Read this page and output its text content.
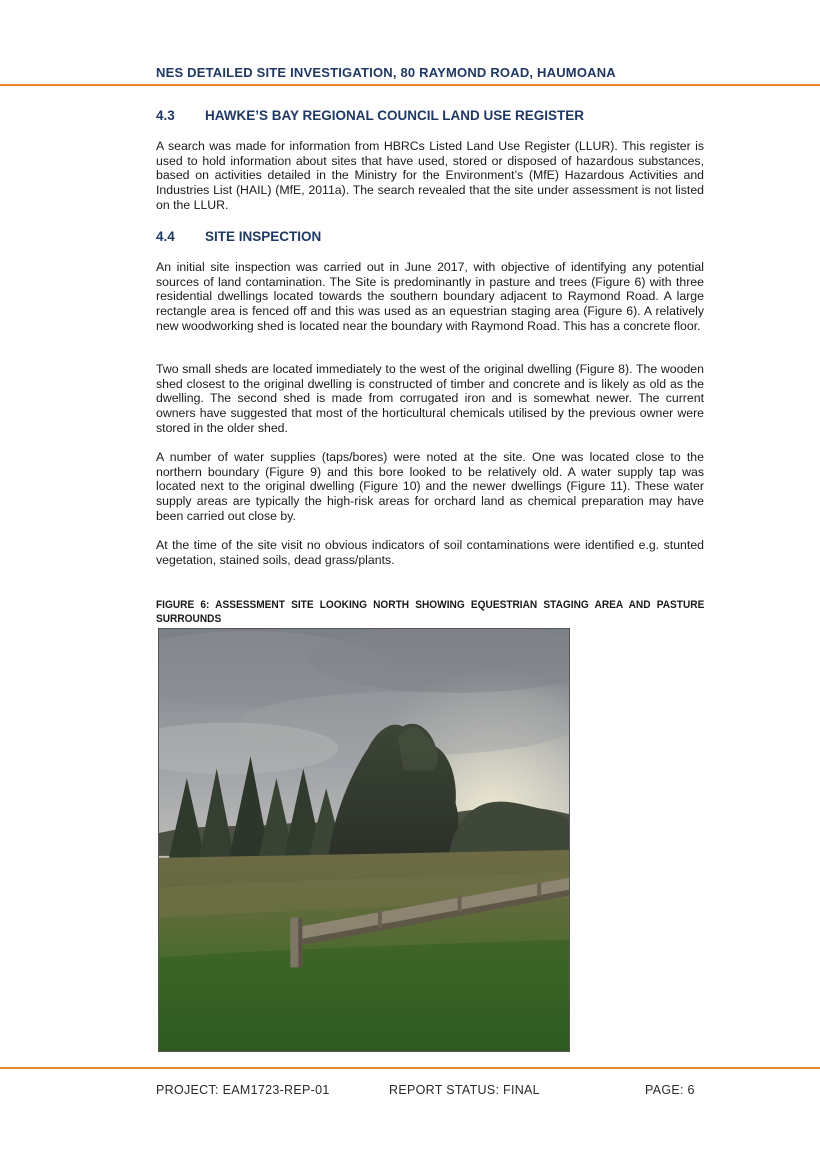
NES DETAILED SITE INVESTIGATION, 80 RAYMOND ROAD, HAUMOANA
4.3 HAWKE’S BAY REGIONAL COUNCIL LAND USE REGISTER

A search was made for information from HBRCs Listed Land Use Register (LLUR). This register is used to hold information about sites that have used, stored or disposed of hazardous substances, based on activities detailed in the Ministry for the Environment’s (MfE) Hazardous Activities and Industries List (HAIL) (MfE, 2011a). The search revealed that the site under assessment is not listed on the LLUR.

4.4 SITE INSPECTION

An initial site inspection was carried out in June 2017, with objective of identifying any potential sources of land contamination. The Site is predominantly in pasture and trees (Figure 6) with three residential dwellings located towards the southern boundary adjacent to Raymond Road. A large rectangle area is fenced off and this was used as an equestrian staging area (Figure 6). A relatively new woodworking shed is located near the boundary with Raymond Road. This has a concrete floor.

Two small sheds are located immediately to the west of the original dwelling (Figure 8). The wooden shed closest to the original dwelling is constructed of timber and concrete and is likely as old as the dwelling. The second shed is made from corrugated iron and is somewhat newer. The current owners have suggested that most of the horticultural chemicals utilised by the previous owner were stored in the older shed.

A number of water supplies (taps/bores) were noted at the site. One was located close to the northern boundary (Figure 9) and this bore looked to be relatively old. A water supply tap was located next to the original dwelling (Figure 10) and the newer dwellings (Figure 11). These water supply areas are typically the high-risk areas for orchard land as chemical preparation may have been carried out close by.

At the time of the site visit no obvious indicators of soil contaminations were identified e.g. stunted vegetation, stained soils, dead grass/plants.

FIGURE 6: ASSESSMENT SITE LOOKING NORTH SHOWING EQUESTRIAN STAGING AREA AND PASTURE SURROUNDS
PROJECT: EAM1723-REP-01	REPORT STATUS: FINAL	PAGE: 6
